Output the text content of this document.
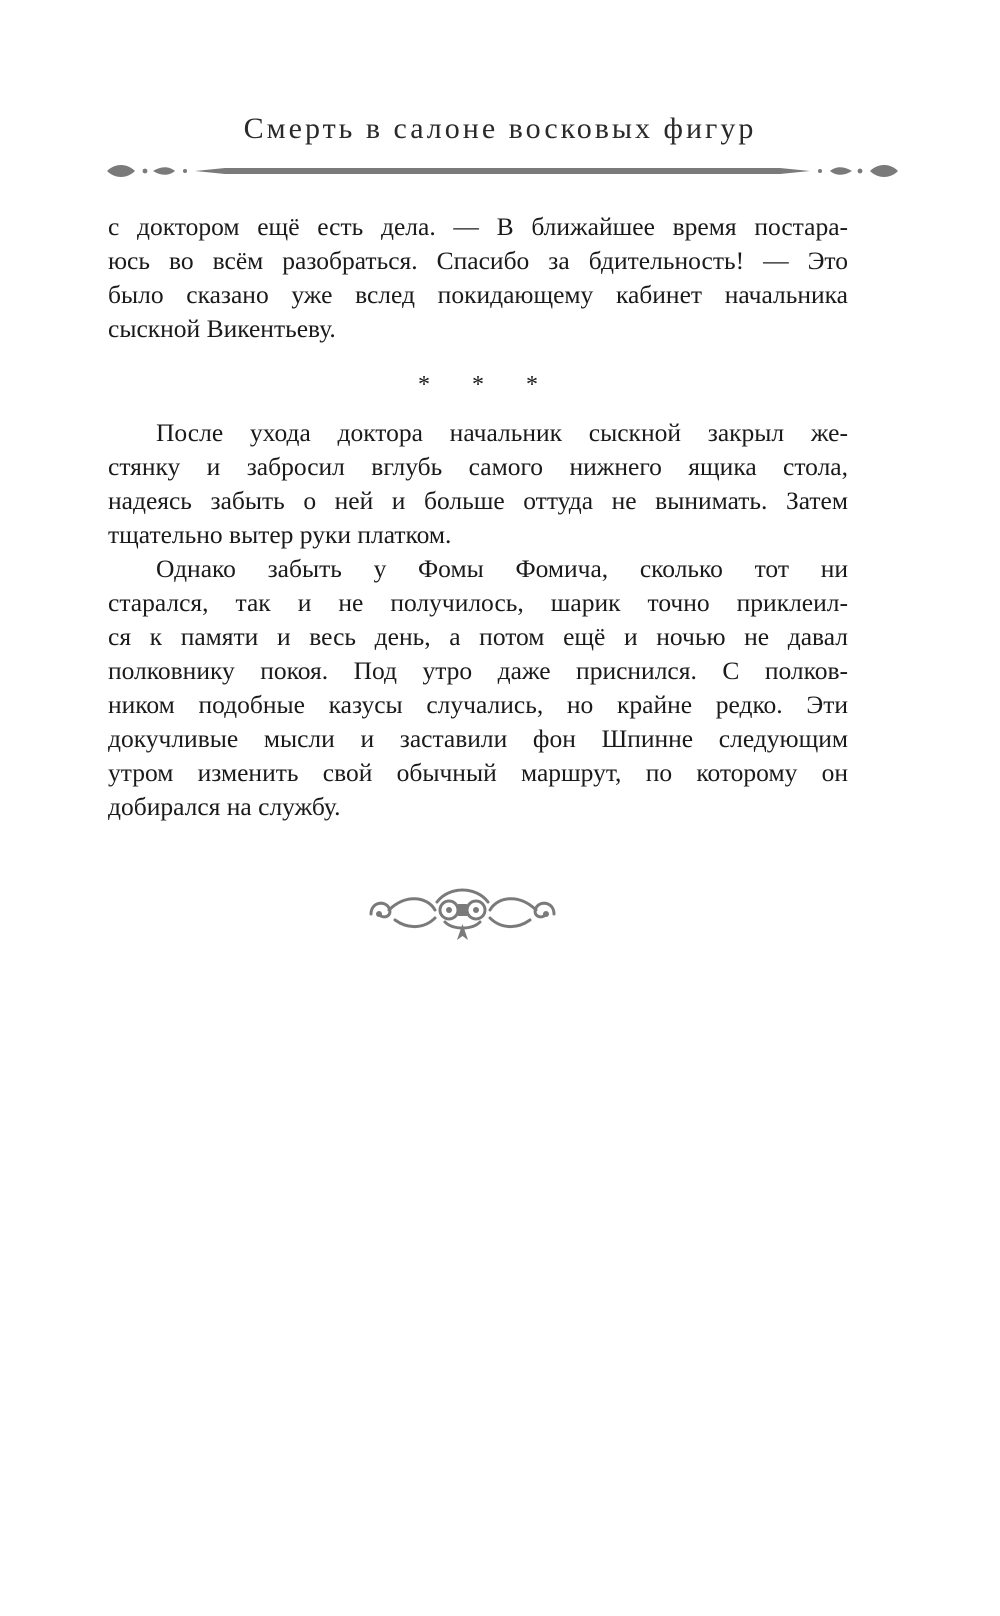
Смерть в салоне восковых фигур
с доктором ещё есть дела. — В ближайшее время постара-
юсь во всём разобраться. Спасибо за бдительность! — Это
было сказано уже вслед покидающему кабинет начальника
сыскной Викентьеву.
* * *
После ухода доктора начальник сыскной закрыл же-
стянку и забросил вглубь самого нижнего ящика стола,
надеясь забыть о ней и больше оттуда не вынимать. Затем
тщательно вытер руки платком.
Однако забыть у Фомы Фомича, сколько тот ни
старался, так и не получилось, шарик точно приклеил-
ся к памяти и весь день, а потом ещё и ночью не давал
полковнику покоя. Под утро даже приснился. С полков-
ником подобные казусы случались, но крайне редко. Эти
докучливые мысли и заставили фон Шпинне следующим
утром изменить свой обычный маршрут, по которому он
добирался на службу.
